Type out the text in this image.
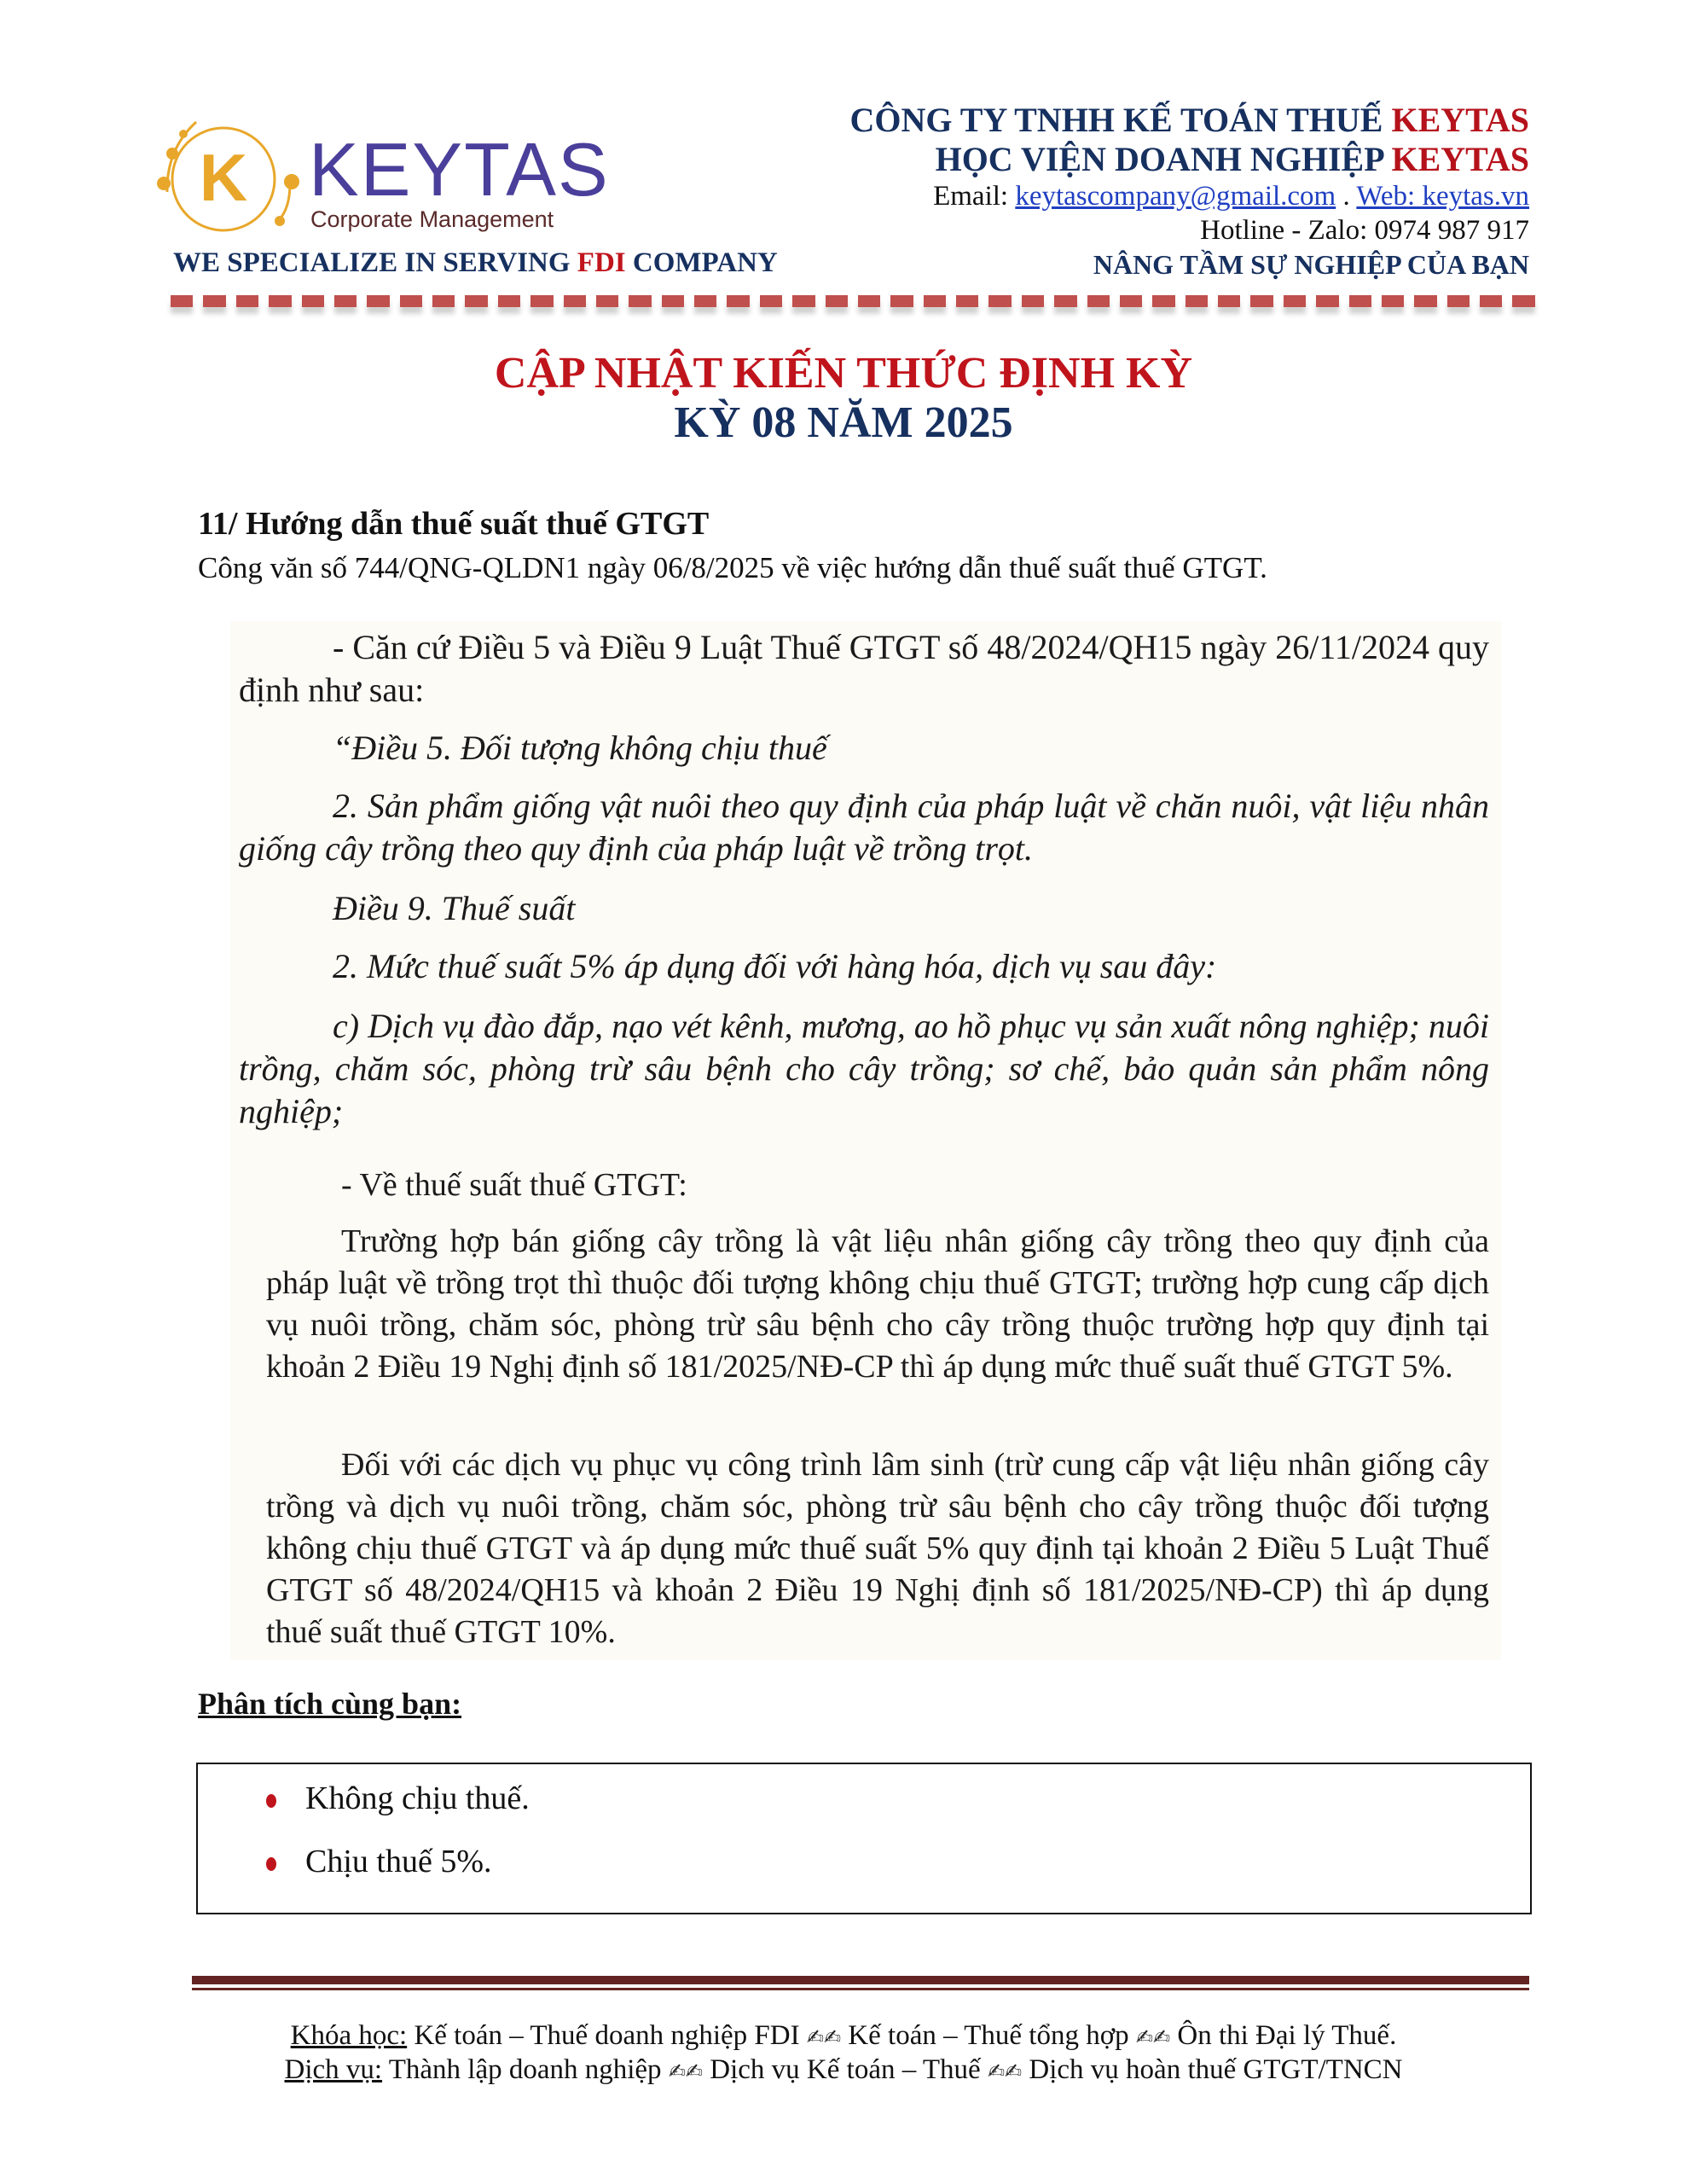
K KEYTAS
Corporate Management
WE SPECIALIZE IN SERVING FDI COMPANY
CÔNG TY TNHH KẾ TOÁN THUẾ KEYTAS
HỌC VIỆN DOANH NGHIỆP KEYTAS
Email: keytascompany@gmail.com . Web: keytas.vn
Hotline - Zalo: 0974 987 917
NÂNG TẦM SỰ NGHIỆP CỦA BẠN
CẬP NHẬT KIẾN THỨC ĐỊNH KỲ
KỲ 08 NĂM 2025
11/ Hướng dẫn thuế suất thuế GTGT
Công văn số 744/QNG-QLDN1 ngày 06/8/2025 về việc hướng dẫn thuế suất thuế GTGT.
- Căn cứ Điều 5 và Điều 9 Luật Thuế GTGT số 48/2024/QH15 ngày 26/11/2024 quy định như sau:
“Điều 5. Đối tượng không chịu thuế
2. Sản phẩm giống vật nuôi theo quy định của pháp luật về chăn nuôi, vật liệu nhân giống cây trồng theo quy định của pháp luật về trồng trọt.
Điều 9. Thuế suất
2. Mức thuế suất 5% áp dụng đối với hàng hóa, dịch vụ sau đây:
c) Dịch vụ đào đắp, nạo vét kênh, mương, ao hồ phục vụ sản xuất nông nghiệp; nuôi trồng, chăm sóc, phòng trừ sâu bệnh cho cây trồng; sơ chế, bảo quản sản phẩm nông nghiệp;
- Về thuế suất thuế GTGT:
Trường hợp bán giống cây trồng là vật liệu nhân giống cây trồng theo quy định của pháp luật về trồng trọt thì thuộc đối tượng không chịu thuế GTGT; trường hợp cung cấp dịch vụ nuôi trồng, chăm sóc, phòng trừ sâu bệnh cho cây trồng thuộc trường hợp quy định tại khoản 2 Điều 19 Nghị định số 181/2025/NĐ-CP thì áp dụng mức thuế suất thuế GTGT 5%.
Đối với các dịch vụ phục vụ công trình lâm sinh (trừ cung cấp vật liệu nhân giống cây trồng và dịch vụ nuôi trồng, chăm sóc, phòng trừ sâu bệnh cho cây trồng thuộc đối tượng không chịu thuế GTGT và áp dụng mức thuế suất 5% quy định tại khoản 2 Điều 5 Luật Thuế GTGT số 48/2024/QH15 và khoản 2 Điều 19 Nghị định số 181/2025/NĐ-CP) thì áp dụng thuế suất thuế GTGT 10%.
Phân tích cùng bạn:
Không chịu thuế.
Chịu thuế 5%.
Khóa học: Kế toán – Thuế doanh nghiệp FDI ✍✍ Kế toán – Thuế tổng hợp ✍✍ Ôn thi Đại lý Thuế.
Dịch vụ: Thành lập doanh nghiệp ✍✍ Dịch vụ Kế toán – Thuế ✍✍ Dịch vụ hoàn thuế GTGT/TNCN
